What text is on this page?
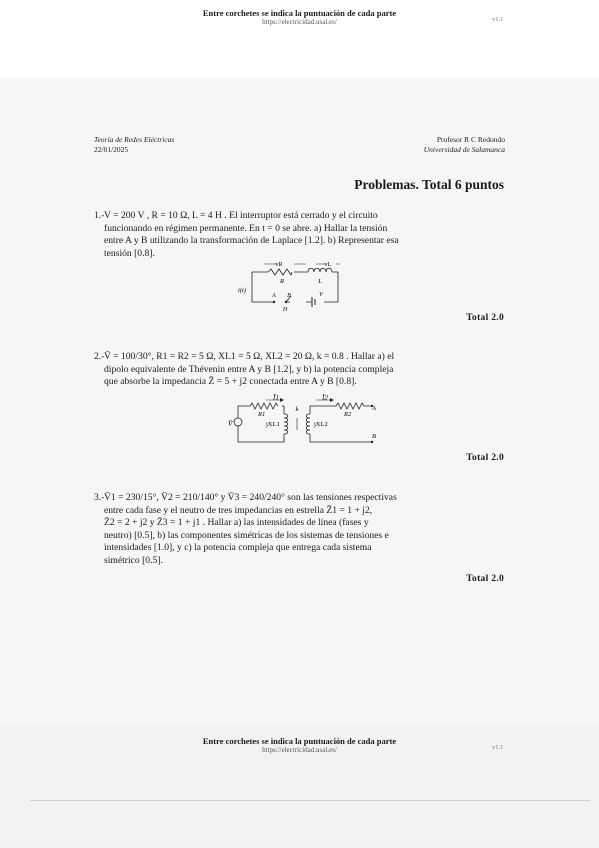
Entre corchetes se indica la puntuación de cada parte
https://electricidad.usal.es/	v1.1
Teoría de Redes Eléctricas
22/01/2025
Profesor R C Redondo
Universidad de Salamanca
Problemas. Total 6 puntos
1.- V = 200 V , R = 10 Ω, L = 4 H . El interruptor está cerrado y el circuito
funcionando en régimen permanente. En t = 0 se abre. a) Hallar la tensión
entre A y B utilizando la transformación de Laplace [1.2]. b) Representar esa
tensión [0.8].
vR	vL
R	L
i(t)
A B	V
H
Total 2.0
2.- V̄ = 100/30°, R1 = R2 = 5 Ω, XL1 = 5 Ω, XL2 = 20 Ω, k = 0.8 . Hallar a) el
dipolo equivalente de Thévenin entre A y B [1.2], y b) la potencia compleja
que absorbe la impedancia Z̄ = 5 + j2 conectada entre A y B [0.8].
Ī1	Ī2
R1	R2
k
jXL1	jXL2
V̄
A
B
Total 2.0
3.- V̄1 = 230/15°, V̄2 = 210/140° y V̄3 = 240/240° son las tensiones respectivas
entre cada fase y el neutro de tres impedancias en estrella Z̄1 = 1 + j2,
Z̄2 = 2 + j2 y Z̄3 = 1 + j1 . Hallar a) las intensidades de línea (fases y
neutro) [0.5], b) las componentes simétricas de los sistemas de tensiones e
intensidades [1.0], y c) la potencia compleja que entrega cada sistema
simétrico [0.5].
Total 2.0
Entre corchetes se indica la puntuación de cada parte
https://electricidad.usal.es/	v1.1
